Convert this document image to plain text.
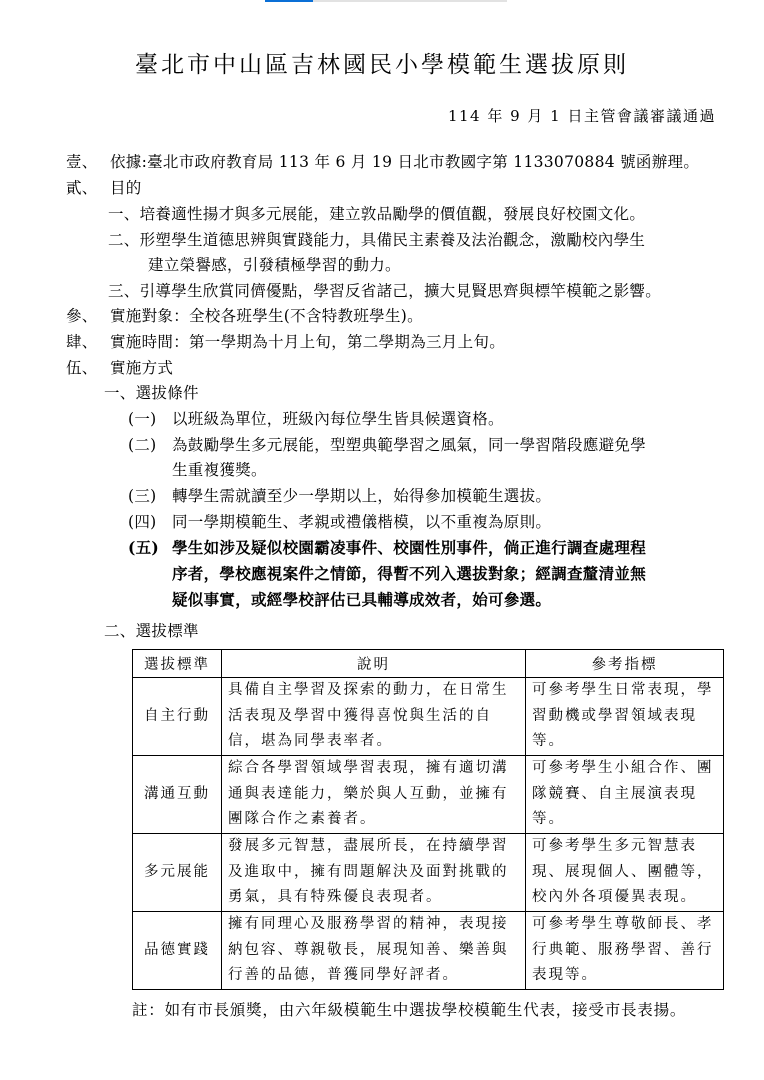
臺北市中山區吉林國民小學模範生選拔原則
114 年 9 月 1 日主管會議審議通過
壹、 依據:臺北市政府教育局 113 年 6 月 19 日北市教國字第 1133070884 號函辦理。
貳、 目的
一、培養適性揚才與多元展能，建立敦品勵學的價值觀，發展良好校園文化。
二、形塑學生道德思辨與實踐能力，具備民主素養及法治觀念，激勵校內學生
建立榮譽感，引發積極學習的動力。
三、引導學生欣賞同儕優點，學習反省諸己，擴大見賢思齊與標竿模範之影響。
參、 實施對象：全校各班學生(不含特教班學生)。
肆、 實施時間：第一學期為十月上旬，第二學期為三月上旬。
伍、 實施方式
一、選拔條件
(一) 以班級為單位，班級內每位學生皆具候選資格。
(二) 為鼓勵學生多元展能，型塑典範學習之風氣，同一學習階段應避免學
生重複獲獎。
(三) 轉學生需就讀至少一學期以上，始得參加模範生選拔。
(四) 同一學期模範生、孝親或禮儀楷模，以不重複為原則。
(五) 學生如涉及疑似校園霸凌事件、校園性別事件，倘正進行調查處理程
序者，學校應視案件之情節，得暫不列入選拔對象；經調查釐清並無
疑似事實，或經學校評估已具輔導成效者，始可參選。
二、選拔標準
選拔標準	說明	參考指標
自主行動	具備自主學習及探索的動力，在日常生活表現及學習中獲得喜悅與生活的自信，堪為同學表率者。	可參考學生日常表現，學習動機或學習領域表現等。
溝通互動	綜合各學習領域學習表現，擁有適切溝通與表達能力，樂於與人互動，並擁有團隊合作之素養者。	可參考學生小組合作、團隊競賽、自主展演表現等。
多元展能	發展多元智慧，盡展所長，在持續學習及進取中，擁有問題解決及面對挑戰的勇氣，具有特殊優良表現者。	可參考學生多元智慧表現、展現個人、團體等，校內外各項優異表現。
品德實踐	擁有同理心及服務學習的精神，表現接納包容、尊親敬長，展現知善、樂善與行善的品德，普獲同學好評者。	可參考學生尊敬師長、孝行典範、服務學習、善行表現等。
註：如有市長頒獎，由六年級模範生中選拔學校模範生代表，接受市長表揚。
